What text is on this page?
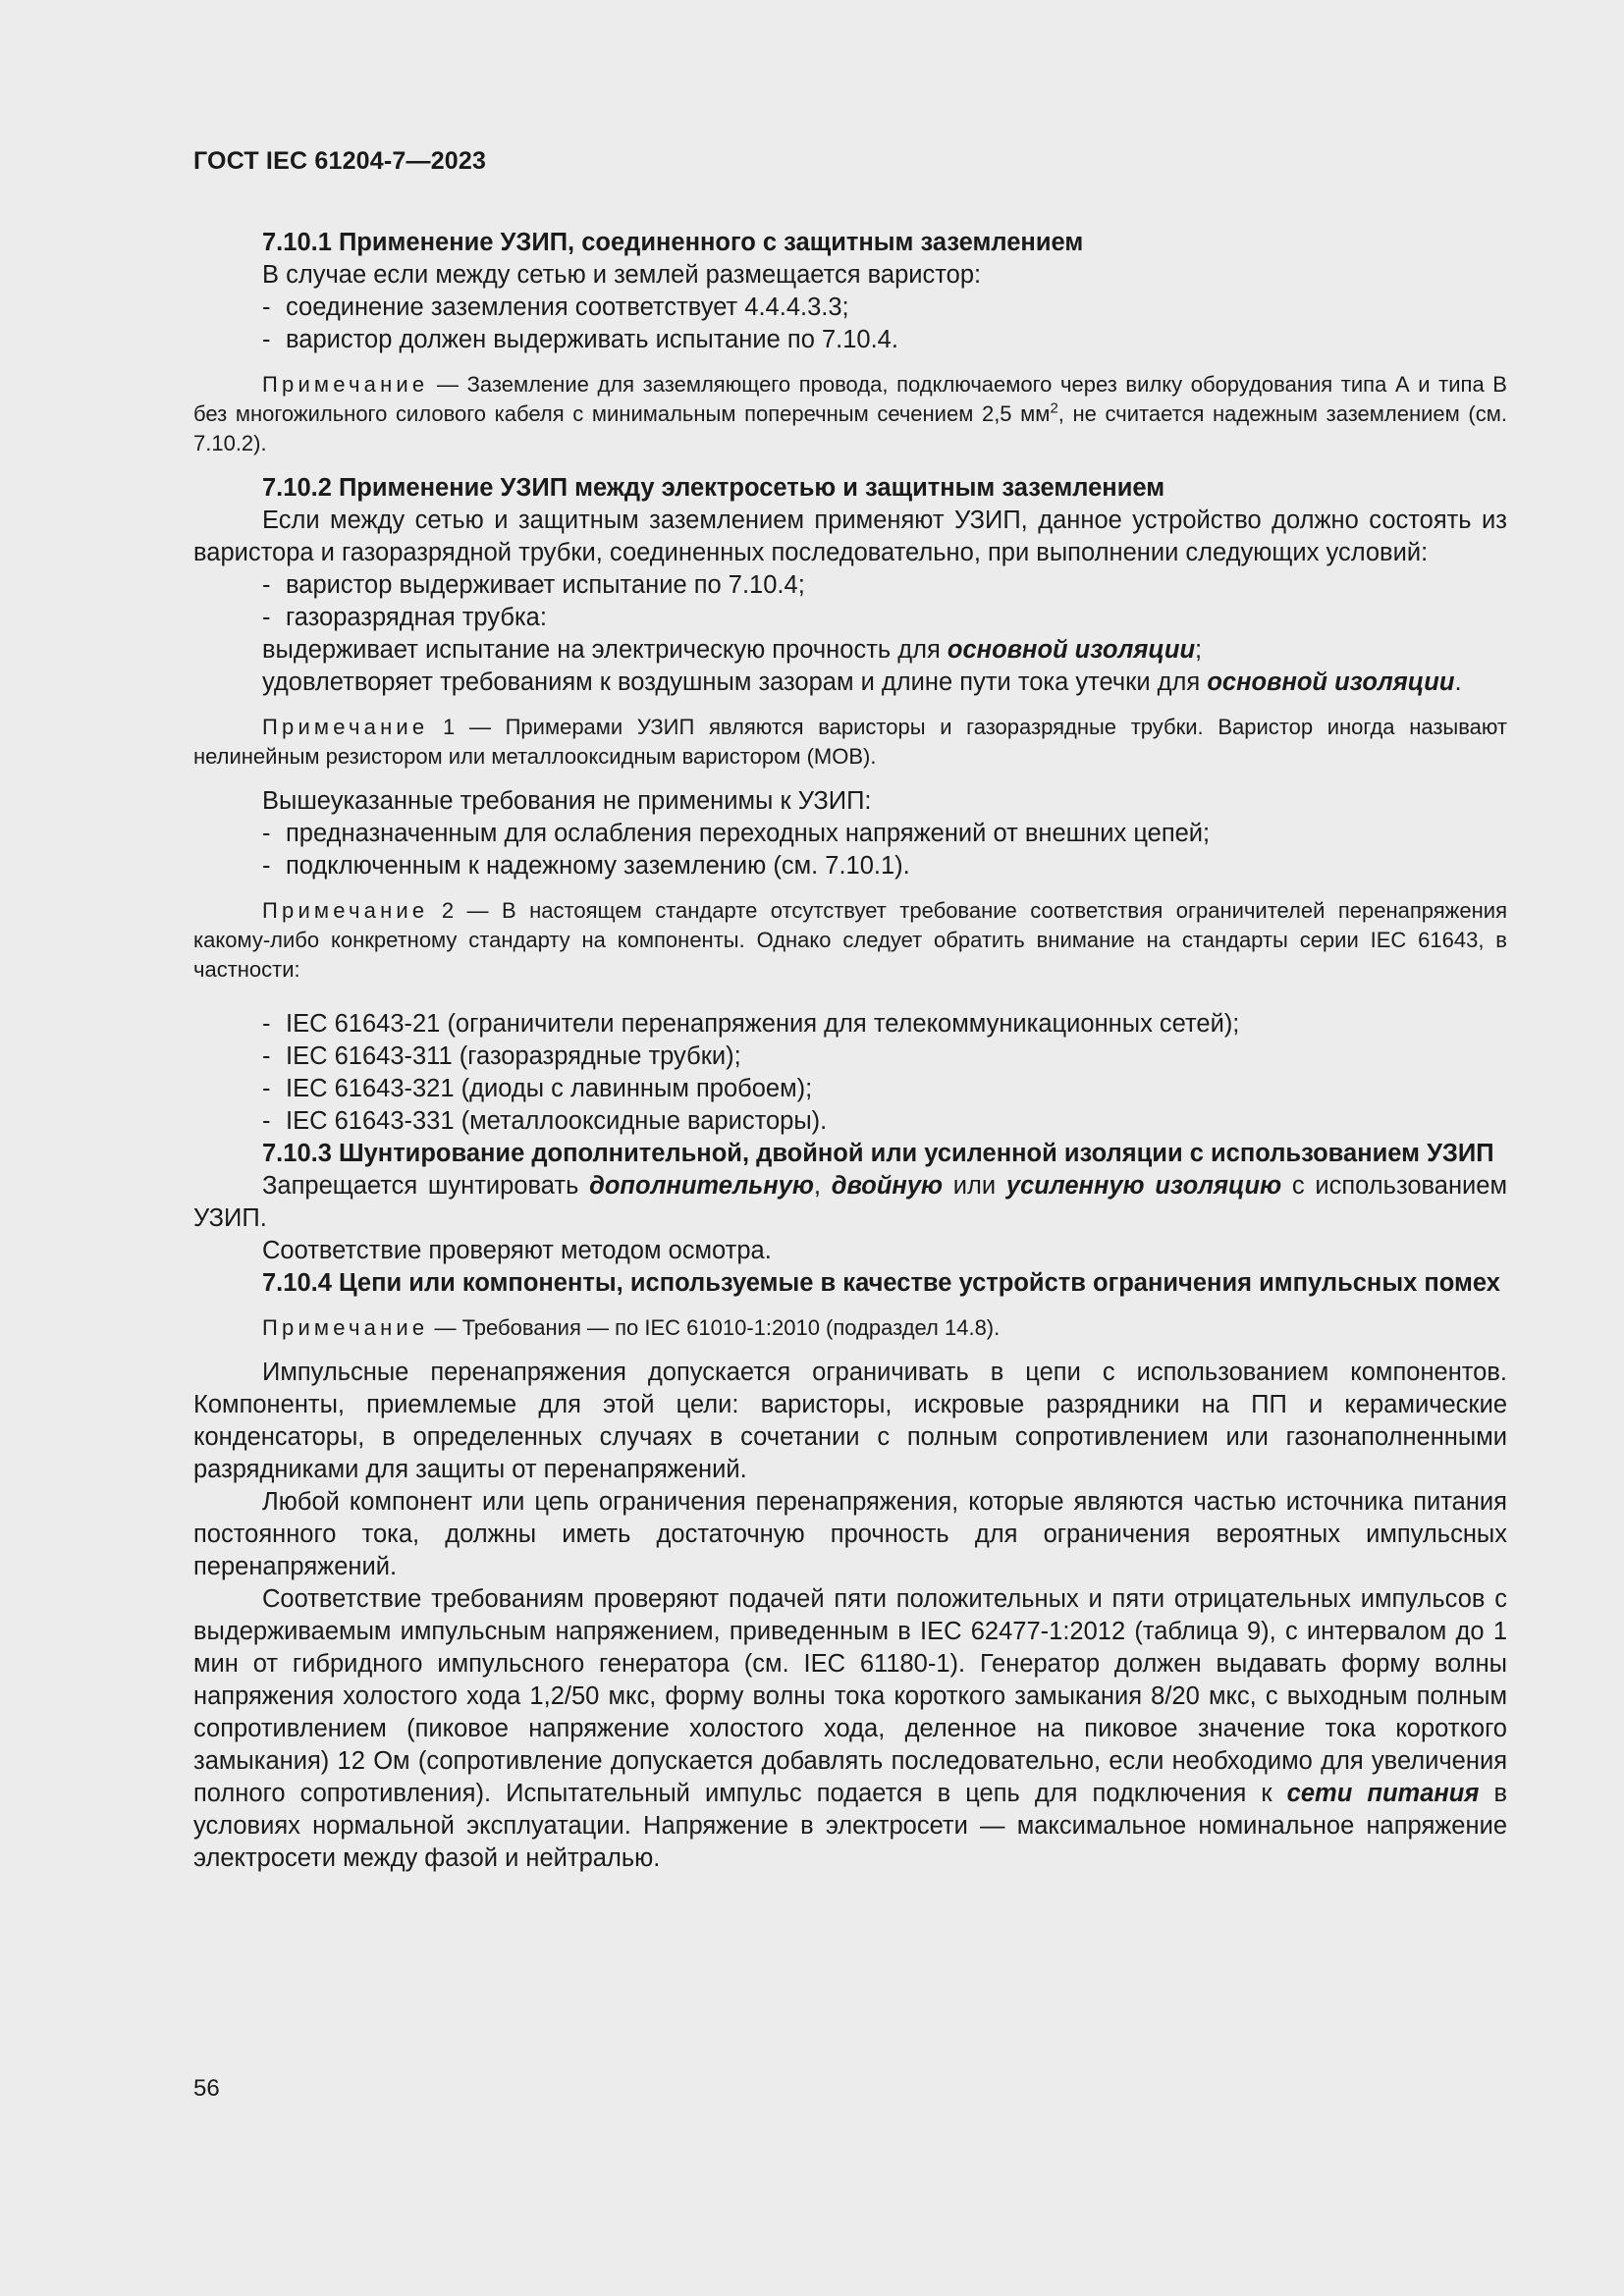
ГОСТ IEC 61204-7—2023

7.10.1 Применение УЗИП, соединенного с защитным заземлением

В случае если между сетью и землей размещается варистор:

- соединение заземления соответствует 4.4.4.3.3;
- варистор должен выдерживать испытание по 7.10.4.
Примечание — Заземление для заземляющего провода, подключаемого через вилку оборудования типа А и типа В без многожильного силового кабеля с минимальным поперечным сечением 2,5 $мм^2$, не считается надежным заземлением (см. 7.10.2).

7.10.2 Применение УЗИП между электросетью и защитным заземлением

Если между сетью и защитным заземлением применяют УЗИП, данное устройство должно состоять из варистора и газоразрядной трубки, соединенных последовательно, при выполнении следующих условий:

- варистор выдерживает испытание по 7.10.4;
- газоразрядная трубка:

выдерживает испытание на электрическую прочность для основной изоляции;

удовлетворяет требованиям к воздушным зазорам и длине пути тока утечки для основной изоляции.

Примечание 1 — Примерами УЗИП являются варисторы и газоразрядные трубки. Варистор иногда называют нелинейным резистором или металлооксидным варистором (MOB).

Вышеуказанные требования не применимы к УЗИП:

- предназначенным для ослабления переходных напряжений от внешних цепей;
- подключенным к надежному заземлению (см. 7.10.1).
Примечание 2 — В настоящем стандарте отсутствует требование соответствия ограничителей перенапряжения какому-либо конкретному стандарту на компоненты. Однако следует обратить внимание на стандарты серии IEC 61643, в частности:
- IEC 61643-21 (ограничители перенапряжения для телекоммуникационных сетей);
- IEC 61643-311 (газоразрядные трубки);
- IEC 61643-321 (диоды с лавинным пробоем);
- IEC 61643-331 (металлооксидные варисторы).

7.10.3 Шунтирование дополнительной, двойной или усиленной изоляции с использованием УЗИП

Запрещается шунтировать дополнительную, двойную или усиленную изоляцию с использованием УЗИП.

Соответствие проверяют методом осмотра.

7.10.4 Цепи или компоненты, используемые в качестве устройств ограничения импульсных помех

Примечание — Требования — по IEC 61010-1:2010 (подраздел 14.8).

Импульсные перенапряжения допускается ограничивать в цепи с использованием компонентов. Компоненты, приемлемые для этой цели: варисторы, искровые разрядники на ПП и керамические конденсаторы, в определенных случаях в сочетании с полным сопротивлением или газонаполненными разрядниками для защиты от перенапряжений.

Любой компонент или цепь ограничения перенапряжения, которые являются частью источника питания постоянного тока, должны иметь достаточную прочность для ограничения вероятных импульсных перенапряжений.

Соответствие требованиям проверяют подачей пяти положительных и пяти отрицательных импульсов с выдерживаемым импульсным напряжением, приведенным в IEC 62477-1:2012 (таблица 9), с интервалом до 1 мин от гибридного импульсного генератора (см. IEC 61180-1). Генератор должен выдавать форму волны напряжения холостого хода 1,2/50 мкс, форму волны тока короткого замыкания 8/20 мкс, с выходным полным сопротивлением (пиковое напряжение холостого хода, деленное на пиковое значение тока короткого замыкания) 12 Ом (сопротивление допускается добавлять последовательно, если необходимо для увеличения полного сопротивления). Испытательный импульс подается в цепь для подключения к сети питания в условиях нормальной эксплуатации. Напряжение в электросети — максимальное номинальное напряжение электросети между фазой и нейтралью.

56
